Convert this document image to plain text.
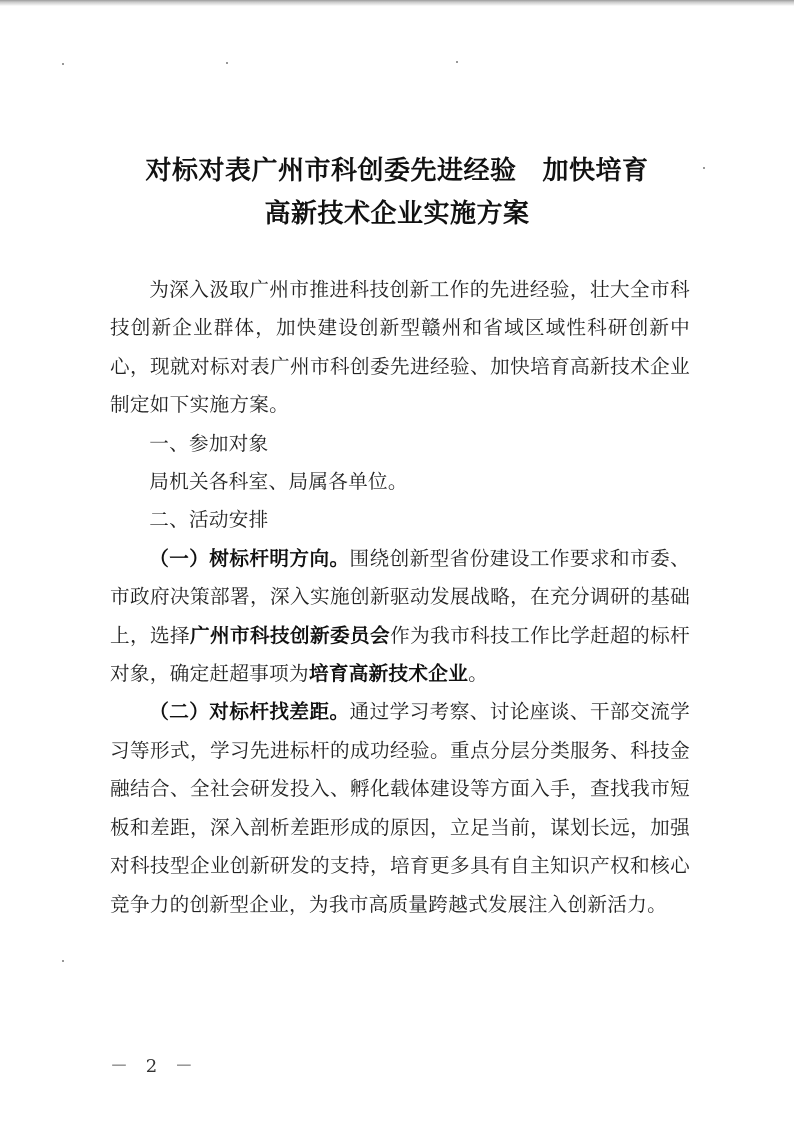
对标对表广州市科创委先进经验 加快培育
高新技术企业实施方案

为深入汲取广州市推进科技创新工作的先进经验，壮大全市科技创新企业群体，加快建设创新型赣州和省域区域性科研创新中心，现就对标对表广州市科创委先进经验、加快培育高新技术企业制定如下实施方案。

一、参加对象

局机关各科室、局属各单位。

二、活动安排

（一）树标杆明方向。围绕创新型省份建设工作要求和市委、市政府决策部署，深入实施创新驱动发展战略，在充分调研的基础上，选择广州市科技创新委员会作为我市科技工作比学赶超的标杆对象，确定赶超事项为培育高新技术企业。

（二）对标杆找差距。通过学习考察、讨论座谈、干部交流学习等形式，学习先进标杆的成功经验。重点分层分类服务、科技金融结合、全社会研发投入、孵化载体建设等方面入手，查找我市短板和差距，深入剖析差距形成的原因，立足当前，谋划长远，加强对科技型企业创新研发的支持，培育更多具有自主知识产权和核心竞争力的创新型企业，为我市高质量跨越式发展注入创新活力。

－ 2 －
